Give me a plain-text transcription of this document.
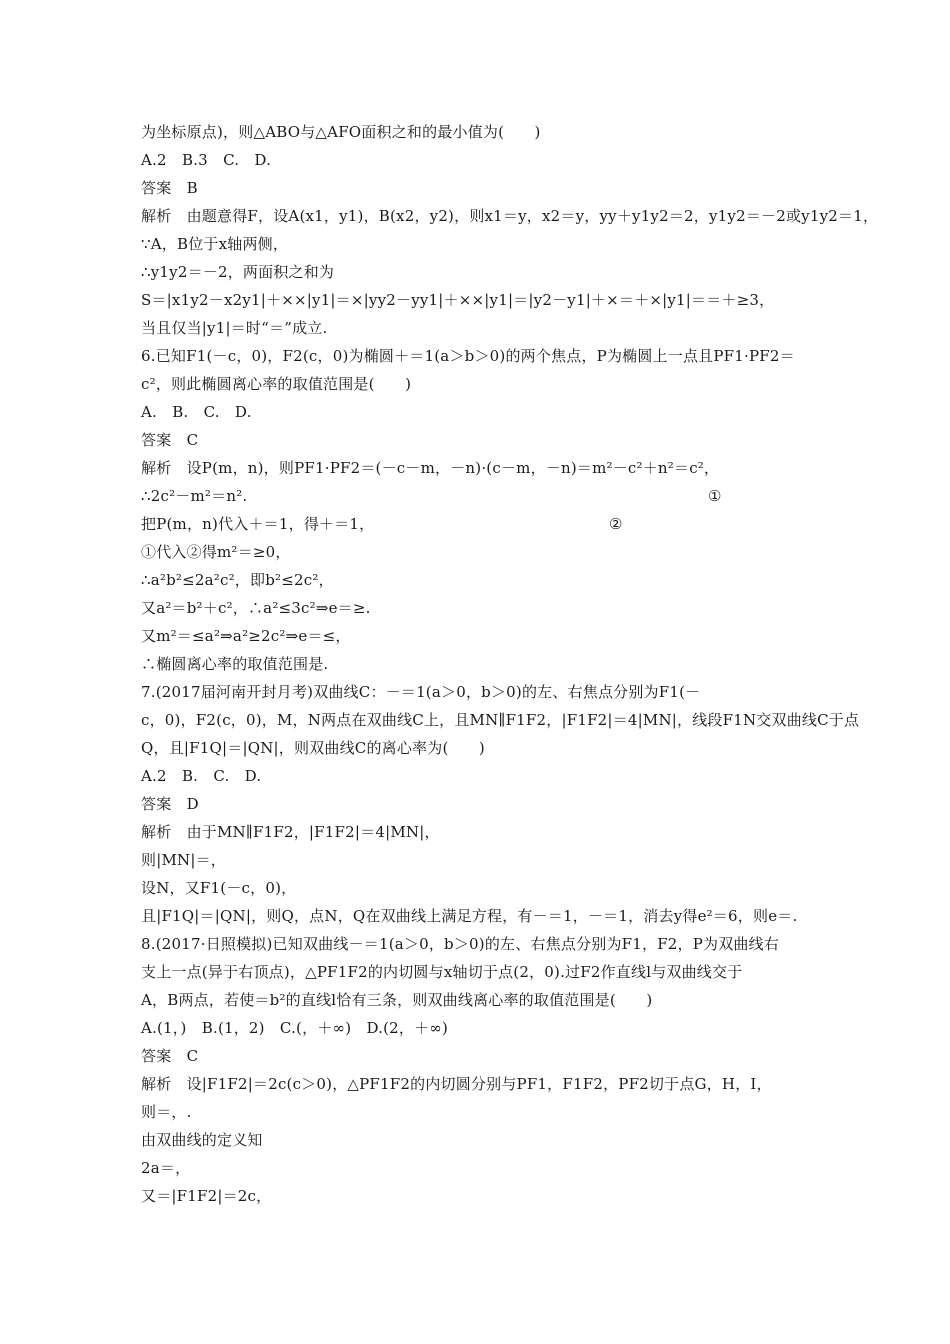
为坐标原点)，则△ABO与△AFO面积之和的最小值为(　　)
A.2　B.3　C.　D.
答案　B
解析　由题意得F，设A(x1，y1)，B(x2，y2)，则x1＝y，x2＝y，yy＋y1y2＝2，y1y2＝－2或y1y2＝1，
∵A，B位于x轴两侧，
∴y1y2＝－2，两面积之和为
S＝|x1y2－x2y1|＋××|y1|＝×|yy2－yy1|＋××|y1|＝|y2－y1|＋×＝＋×|y1|＝＝＋≥3，
当且仅当|y1|＝时“＝”成立.
6.已知F1(－c，0)，F2(c，0)为椭圆＋＝1(a＞b＞0)的两个焦点，P为椭圆上一点且PF1·PF2＝
c²，则此椭圆离心率的取值范围是(　　)
A.　B.　C.　D.
答案　C
解析　设P(m，n)，则PF1·PF2＝(－c－m，－n)·(c－m，－n)＝m²－c²＋n²＝c²，
∴2c²－m²＝n².	①
把P(m，n)代入＋＝1，得＋＝1，	②
①代入②得m²＝≥0，
∴a²b²≤2a²c²，即b²≤2c²，
又a²＝b²＋c²，∴a²≤3c²⇒e＝≥.
又m²＝≤a²⇒a²≥2c²⇒e＝≤，
∴椭圆离心率的取值范围是.
7.(2017届河南开封月考)双曲线C：－＝1(a＞0，b＞0)的左、右焦点分别为F1(－
c，0)，F2(c，0)，M，N两点在双曲线C上，且MN∥F1F2，|F1F2|＝4|MN|，线段F1N交双曲线C于点
Q，且|F1Q|＝|QN|，则双曲线C的离心率为(　　)
A.2　B.　C.　D.
答案　D
解析　由于MN∥F1F2，|F1F2|＝4|MN|，
则|MN|＝，
设N，又F1(－c，0)，
且|F1Q|＝|QN|，则Q，点N，Q在双曲线上满足方程，有－＝1，－＝1，消去y得e²＝6，则e＝.
8.(2017·日照模拟)已知双曲线－＝1(a＞0，b＞0)的左、右焦点分别为F1，F2，P为双曲线右
支上一点(异于右顶点)，△PF1F2的内切圆与x轴切于点(2，0).过F2作直线l与双曲线交于
A，B两点，若使＝b²的直线l恰有三条，则双曲线离心率的取值范围是(　　)
A.(1，)　B.(1，2)　C.(，＋∞)　D.(2，＋∞)
答案　C
解析　设|F1F2|＝2c(c＞0)，△PF1F2的内切圆分别与PF1，F1F2，PF2切于点G，H，I，
则＝，.
由双曲线的定义知
2a＝，
又＝|F1F2|＝2c，
